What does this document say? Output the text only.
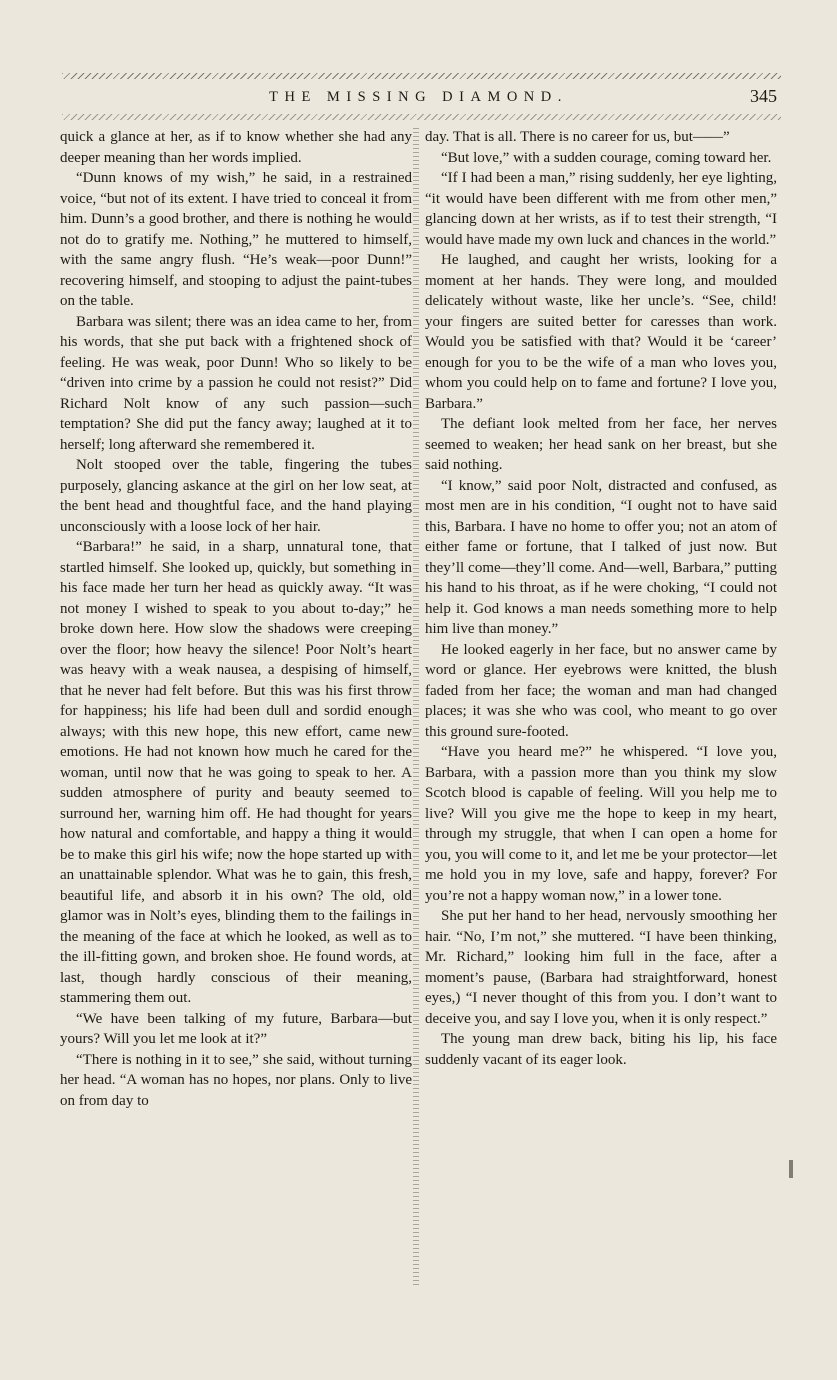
THE MISSING DIAMOND.	345

quick a glance at her, as if to know whether she had any deeper meaning than her words implied.

“Dunn knows of my wish,” he said, in a restrained voice, “but not of its extent. I have tried to conceal it from him. Dunn’s a good brother, and there is nothing he would not do to gratify me. Nothing,” he muttered to himself, with the same angry flush. “He’s weak—poor Dunn!” recovering himself, and stooping to adjust the paint-tubes on the table.

Barbara was silent; there was an idea came to her, from his words, that she put back with a frightened shock of feeling. He was weak, poor Dunn! Who so likely to be “driven into crime by a passion he could not resist?” Did Richard Nolt know of any such passion—such temptation? She did put the fancy away; laughed at it to herself; long afterward she remembered it.

Nolt stooped over the table, fingering the tubes purposely, glancing askance at the girl on her low seat, at the bent head and thoughtful face, and the hand playing unconsciously with a loose lock of her hair.

“Barbara!” he said, in a sharp, unnatural tone, that startled himself. She looked up, quickly, but something in his face made her turn her head as quickly away. “It was not money I wished to speak to you about to-day;” he broke down here. How slow the shadows were creeping over the floor; how heavy the silence! Poor Nolt’s heart was heavy with a weak nausea, a despising of himself, that he never had felt before. But this was his first throw for happiness; his life had been dull and sordid enough always; with this new hope, this new effort, came new emotions. He had not known how much he cared for the woman, until now that he was going to speak to her. A sudden atmosphere of purity and beauty seemed to surround her, warning him off. He had thought for years how natural and comfortable, and happy a thing it would be to make this girl his wife; now the hope started up with an unattainable splendor. What was he to gain, this fresh, beautiful life, and absorb it in his own? The old, old glamor was in Nolt’s eyes, blinding them to the failings in the meaning of the face at which he looked, as well as to the ill-fitting gown, and broken shoe. He found words, at last, though hardly conscious of their meaning, stammering them out.

“We have been talking of my future, Barbara—but yours? Will you let me look at it?”

“There is nothing in it to see,” she said, without turning her head. “A woman has no hopes, nor plans. Only to live on from day to

day. That is all. There is no career for us, but——”

“But love,” with a sudden courage, coming toward her.

“If I had been a man,” rising suddenly, her eye lighting, “it would have been different with me from other men,” glancing down at her wrists, as if to test their strength, “I would have made my own luck and chances in the world.”

He laughed, and caught her wrists, looking for a moment at her hands. They were long, and moulded delicately without waste, like her uncle’s. “See, child! your fingers are suited better for caresses than work. Would you be satisfied with that? Would it be ‘career’ enough for you to be the wife of a man who loves you, whom you could help on to fame and fortune? I love you, Barbara.”

The defiant look melted from her face, her nerves seemed to weaken; her head sank on her breast, but she said nothing.

“I know,” said poor Nolt, distracted and confused, as most men are in his condition, “I ought not to have said this, Barbara. I have no home to offer you; not an atom of either fame or fortune, that I talked of just now. But they’ll come—they’ll come. And—well, Barbara,” putting his hand to his throat, as if he were choking, “I could not help it. God knows a man needs something more to help him live than money.”

He looked eagerly in her face, but no answer came by word or glance. Her eyebrows were knitted, the blush faded from her face; the woman and man had changed places; it was she who was cool, who meant to go over this ground sure-footed.

“Have you heard me?” he whispered. “I love you, Barbara, with a passion more than you think my slow Scotch blood is capable of feeling. Will you help me to live? Will you give me the hope to keep in my heart, through my struggle, that when I can open a home for you, you will come to it, and let me be your protector—let me hold you in my love, safe and happy, forever? For you’re not a happy woman now,” in a lower tone.

She put her hand to her head, nervously smoothing her hair. “No, I’m not,” she muttered. “I have been thinking, Mr. Richard,” looking him full in the face, after a moment’s pause, (Barbara had straightforward, honest eyes,) “I never thought of this from you. I don’t want to deceive you, and say I love you, when it is only respect.”

The young man drew back, biting his lip, his face suddenly vacant of its eager look.
